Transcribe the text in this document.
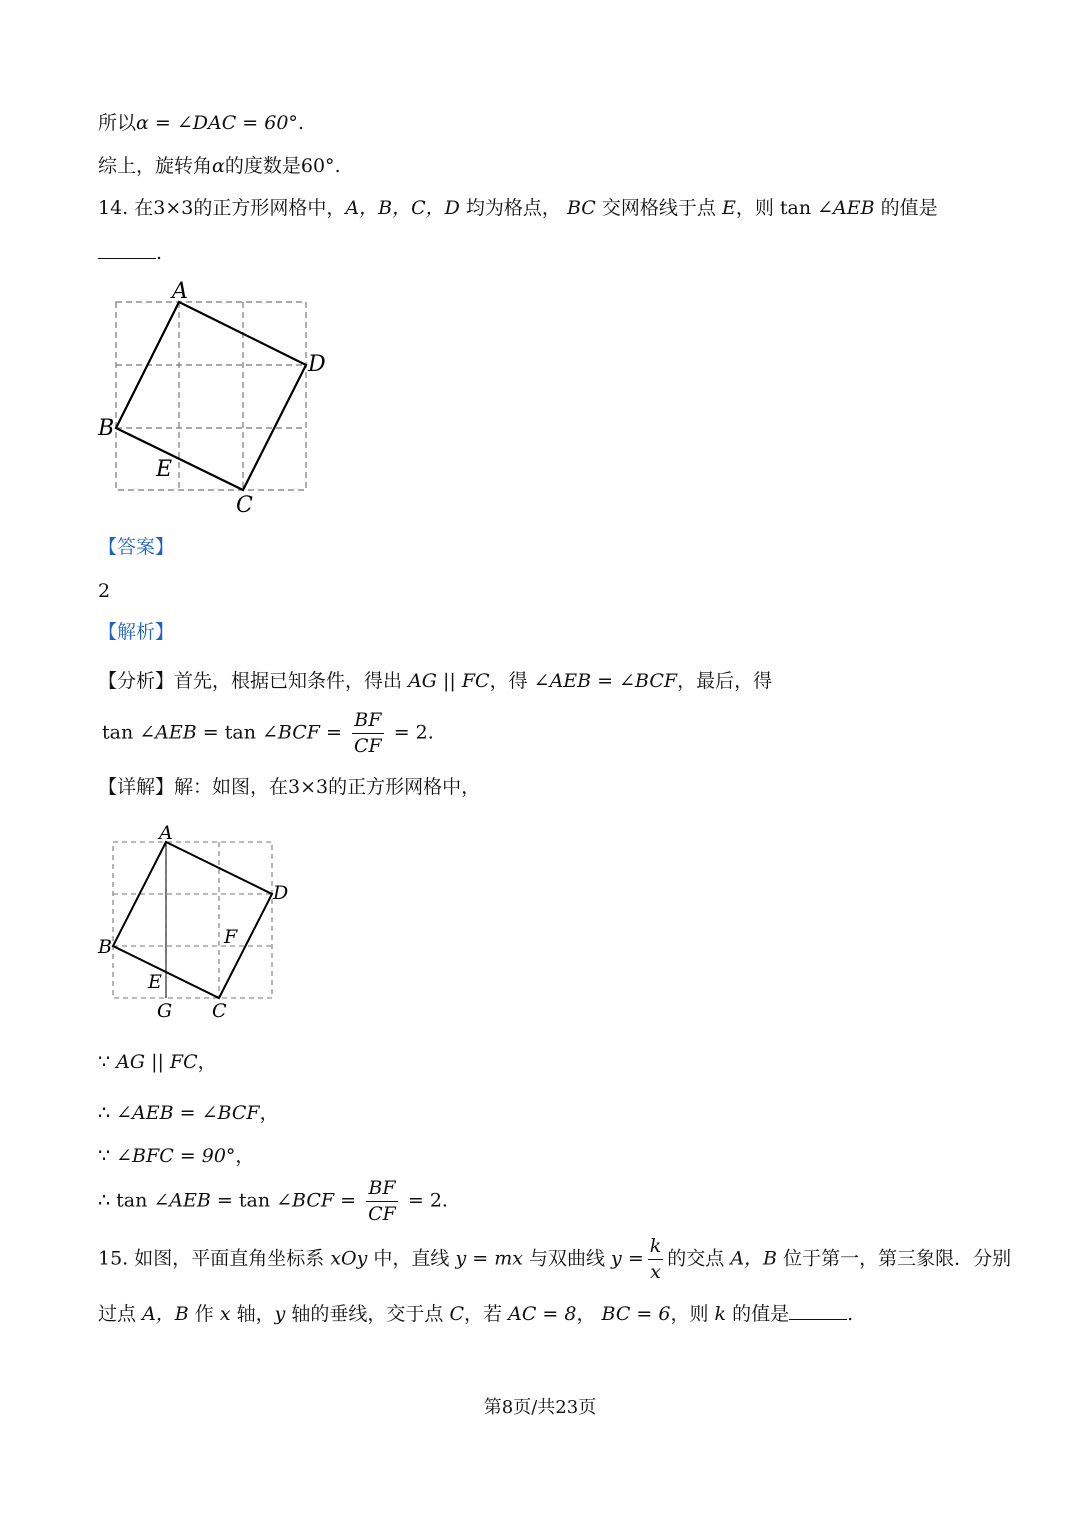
所以α = ∠DAC = 60°.
综上，旋转角α的度数是60°.
14. 在3×3的正方形网格中，A，B，C，D 均为格点， BC 交网格线于点 E，则 tan ∠AEB 的值是
.
A
D
B
E
C
【答案】
2
【解析】
【分析】首先，根据已知条件，得出 AG || FC，得 ∠AEB = ∠BCF，最后，得
tan ∠AEB = tan ∠BCF = $\frac{BF}{CF} = 2$.
【详解】解：如图，在3×3的正方形网格中，
A
D
B	F
E
G C
∵ AG || FC，
∴ ∠AEB = ∠BCF，
∵ ∠BFC = 90°，
∴ tan ∠AEB = tan ∠BCF = $\frac{BF}{CF} = 2$.
15. 如图，平面直角坐标系 xOy 中，直线 y = mx 与双曲线 $y = \frac{k}{x}$ 的交点 A，B 位于第一，第三象限．分别
过点 A，B 作 x 轴，y 轴的垂线，交于点 C，若 AC = 8， BC = 6，则 k 的值是	.
第8页/共23页
